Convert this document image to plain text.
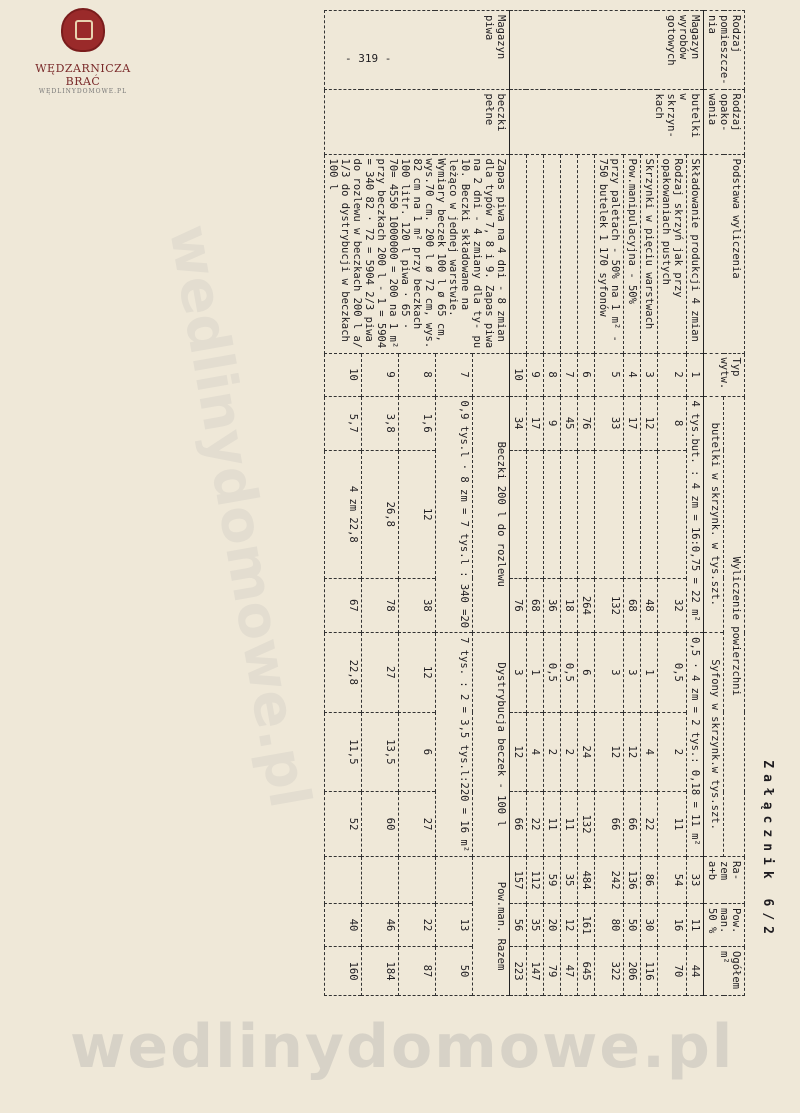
WĘDZARNICZA BRAĆ
WĘDLINYDOMOWE.PL
- 319 -
wedlinydomowe.pl
Załącznik 6/2
Rodzaj pomieszcze- nia	Rodzaj opako- wania	Podstawa wyliczenia	Typ wytw.	Wyliczenie powierzchni						Ra- zem a+b	Pow. man. 50 %	Ogółem m²
				butelki w skrzynk. w tys.szt.			Syfony w skrzynk.w tys.szt.					
Magazyn wyrobów gotowych	butelki w skrzyn- kach	Składowanie produkcji 4 zmian	1	4 tys.but. : 4 zm = 16:0,75 = 22 m²			0,5 · 4 zm = 2 tys.: 0,18 = 11 m²			33	11	44
		Rodzaj skrzyń jak przy opakowaniach pustych	2	8		32	0,5	2	11	54	16	70
		Skrzynki w pięciu warstwach	3	12		48	1	4	22	86	30	116
		Pow.manipulacyjna - 50%	4	17		68	3	12	66	136	50	206
		przy paletach - 50% na 1 m² - 750 butelek 1 170 syfonów	5	33		132	3	12	66	242	80	322
			6	76		264	6	24	132	484	161	645
			7	45		18	0,5	2	11	35	12	47
			8	9		36	0,5	2	11	59	20	79
			9	17		68	1	4	22	112	35	147
			10	34		76	3	12	66	157	56	223
Magazyn piwa	beczki pełne	Zapas piwa na 4 dni - 8 zmian dla typów 7, 8 i 9. Zapas piwa na 2 dni - 4 zmiany dla ty- pu 10. Beczki składowane na leżąco w jednej warstwie. Wymiary beczek 100 l ø 65 cm, wys.70 cm. 200 l ø 72 cm, wys. 82 cm na 1 m² przy beczkach 100 litr. 120 l piwa · 65 · 70= 4550 1000000 = 200 na 1 m² przy beczkach 200 l - 1 = 5904 = 340 82 · 72 = 5904 2/3 piwa do rozlewu w beczkach 200 l a/ 1/3 do dystrybucji w beczkach 100 l		Beczki 200 l do rozlewu			Dystrybucja beczek - 100 l			Pow.man. Razem		
			7	0,9 tys.l · 8 zm = 7 tys.l : 340 =20			7 tys. : 2 = 3,5 tys.l:220 = 16 m²				13	50
			8	1,6	12	38	12	6	27		22	87
			9	3,8	26,8	78	27	13,5	60		46	184
			10	5,7	4 zm 22,8	67	22,8	11,5	52		40	160
wedlinydomowe.pl
